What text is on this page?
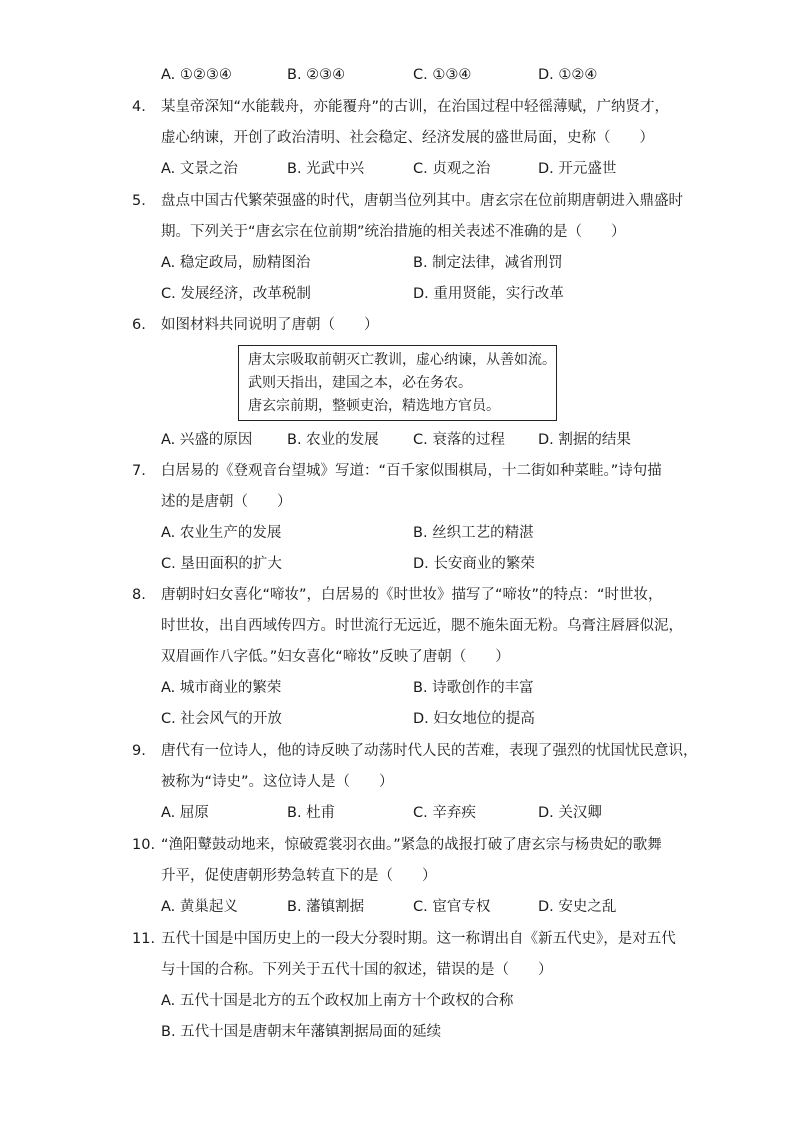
A. ①②③④	B. ②③④	C. ①③④	D. ①②④
4. 某皇帝深知“水能载舟，亦能覆舟”的古训，在治国过程中轻徭薄赋，广纳贤才，
虚心纳谏，开创了政治清明、社会稳定、经济发展的盛世局面，史称（　　）
A. 文景之治	B. 光武中兴	C. 贞观之治	D. 开元盛世
5. 盘点中国古代繁荣强盛的时代，唐朝当位列其中。唐玄宗在位前期唐朝进入鼎盛时
期。下列关于“唐玄宗在位前期”统治措施的相关表述不准确的是（　　）
A. 稳定政局，励精图治	B. 制定法律，减省刑罚
C. 发展经济，改革税制	D. 重用贤能，实行改革
6. 如图材料共同说明了唐朝（　　）
唐太宗吸取前朝灭亡教训，虚心纳谏，从善如流。
武则天指出，建国之本，必在务农。
唐玄宗前期，整顿吏治，精选地方官员。
A. 兴盛的原因 B. 农业的发展 C. 衰落的过程 D. 割据的结果
7. 白居易的《登观音台望城》写道：“百千家似围棋局，十二街如种菜畦。”诗句描
述的是唐朝（　　）
A. 农业生产的发展	B. 丝织工艺的精湛
C. 垦田面积的扩大	D. 长安商业的繁荣
8. 唐朝时妇女喜化“啼妆”，白居易的《时世妆》描写了“啼妆”的特点：“时世妆，
时世妆，出自西域传四方。时世流行无远近，腮不施朱面无粉。乌膏注唇唇似泥，
双眉画作八字低。”妇女喜化“啼妆”反映了唐朝（　　）
A. 城市商业的繁荣	B. 诗歌创作的丰富
C. 社会风气的开放	D. 妇女地位的提高
9. 唐代有一位诗人，他的诗反映了动荡时代人民的苦难，表现了强烈的忧国忧民意识，
被称为“诗史”。这位诗人是（　　）
A. 屈原	B. 杜甫	C. 辛弃疾	D. 关汉卿
10. “渔阳鼙鼓动地来，惊破霓裳羽衣曲。”紧急的战报打破了唐玄宗与杨贵妃的歌舞
升平，促使唐朝形势急转直下的是（　　）
A. 黄巢起义	B. 藩镇割据	C. 宦官专权	D. 安史之乱
11. 五代十国是中国历史上的一段大分裂时期。这一称谓出自《新五代史》，是对五代
与十国的合称。下列关于五代十国的叙述，错误的是（　　）
A. 五代十国是北方的五个政权加上南方十个政权的合称
B. 五代十国是唐朝末年藩镇割据局面的延续
